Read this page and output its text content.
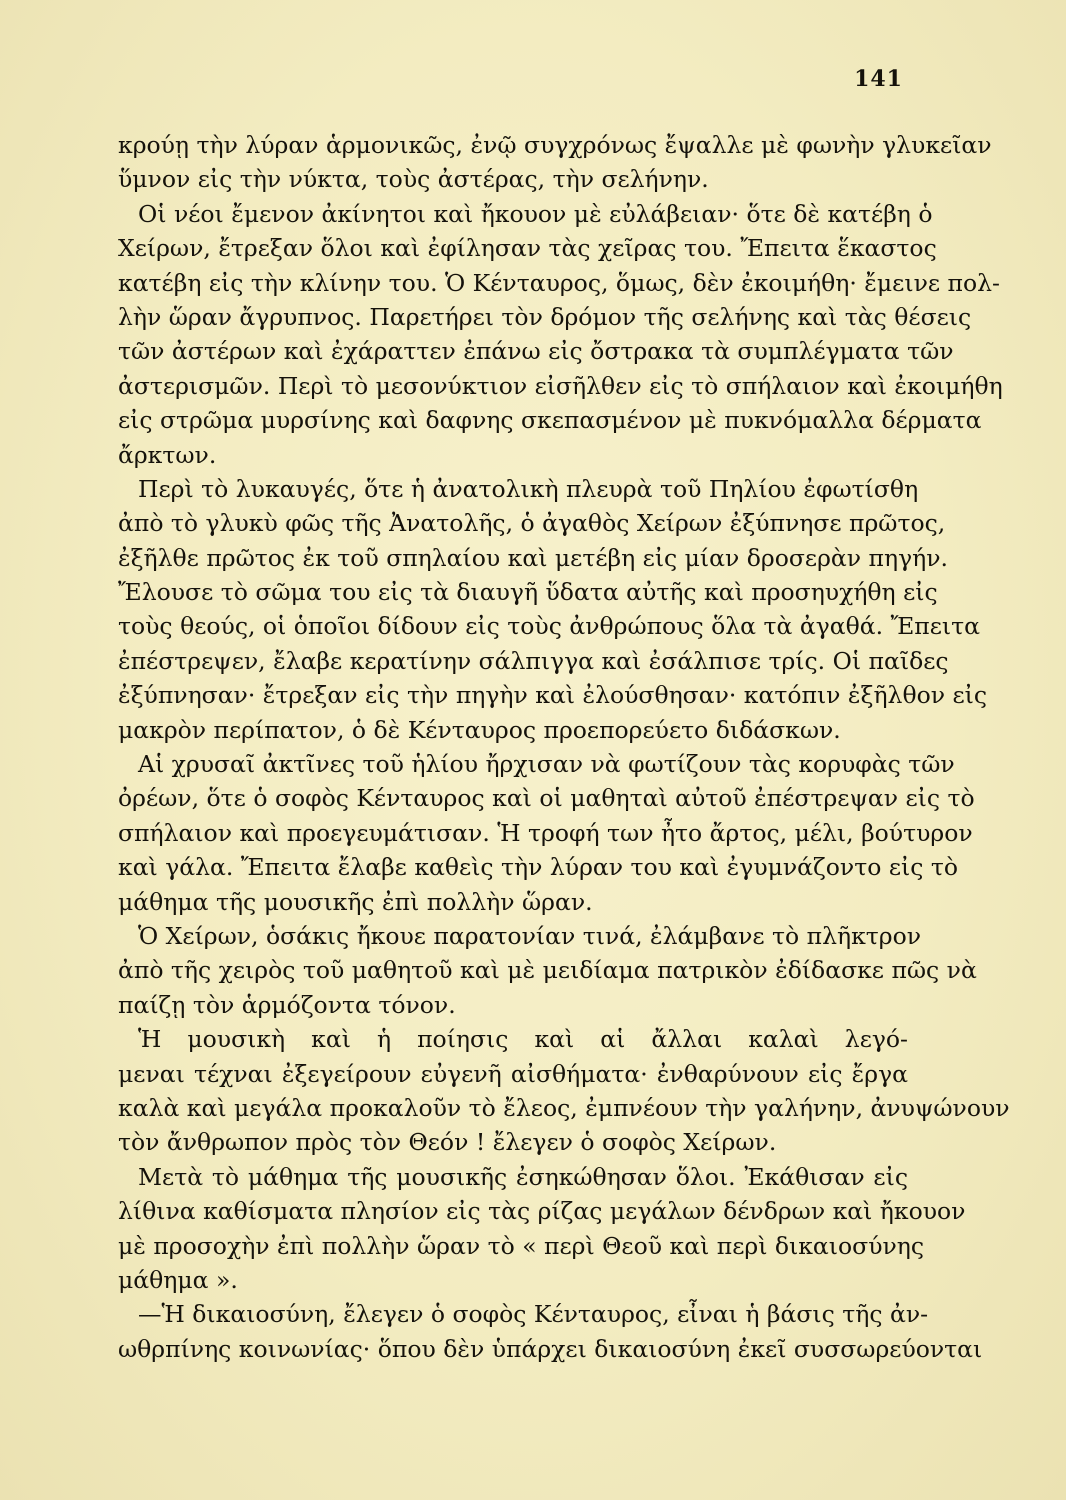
141
κρούῃ τὴν λύραν ἁρμονικῶς, ἐνῷ συγχρόνως ἔψαλλε μὲ φωνὴν γλυκεῖαν
ὕμνον εἰς τὴν νύκτα, τοὺς ἀστέρας, τὴν σελήνην.
Οἱ νέοι ἔμενον ἀκίνητοι καὶ ἤκουον μὲ εὐλάβειαν· ὅτε δὲ κατέβη ὁ
Χείρων, ἔτρεξαν ὅλοι καὶ ἐφίλησαν τὰς χεῖρας του. Ἔπειτα ἕκαστος
κατέβη εἰς τὴν κλίνην του. Ὁ Κένταυρος, ὅμως, δὲν ἐκοιμήθη· ἔμεινε πολ-
λὴν ὥραν ἄγρυπνος. Παρετήρει τὸν δρόμον τῆς σελήνης καὶ τὰς θέσεις
τῶν ἀστέρων καὶ ἐχάραττεν ἐπάνω εἰς ὄστρακα τὰ συμπλέγματα τῶν
ἀστερισμῶν. Περὶ τὸ μεσονύκτιον εἰσῆλθεν εἰς τὸ σπήλαιον καὶ ἐκοιμήθη
εἰς στρῶμα μυρσίνης καὶ δαφνης σκεπασμένον μὲ πυκνόμαλλα δέρματα
ἄρκτων.
Περὶ τὸ λυκαυγές, ὅτε ἡ ἀνατολικὴ πλευρὰ τοῦ Πηλίου ἐφωτίσθη
ἀπὸ τὸ γλυκὺ φῶς τῆς Ἀνατολῆς, ὁ ἀγαθὸς Χείρων ἐξύπνησε πρῶτος,
ἐξῆλθε πρῶτος ἐκ τοῦ σπηλαίου καὶ μετέβη εἰς μίαν δροσερὰν πηγήν.
Ἔλουσε τὸ σῶμα του εἰς τὰ διαυγῆ ὕδατα αὐτῆς καὶ προσηυχήθη εἰς
τοὺς θεούς, οἱ ὁποῖοι δίδουν εἰς τοὺς ἀνθρώπους ὅλα τὰ ἀγαθά. Ἔπειτα
ἐπέστρεψεν, ἔλαβε κερατίνην σάλπιγγα καὶ ἐσάλπισε τρίς. Οἱ παῖδες
ἐξύπνησαν· ἔτρεξαν εἰς τὴν πηγὴν καὶ ἐλούσθησαν· κατόπιν ἐξῆλθον εἰς
μακρὸν περίπατον, ὁ δὲ Κένταυρος προεπορεύετο διδάσκων.
Αἱ χρυσαῖ ἀκτῖνες τοῦ ἡλίου ἤρχισαν νὰ φωτίζουν τὰς κορυφὰς τῶν
ὀρέων, ὅτε ὁ σοφὸς Κένταυρος καὶ οἱ μαθηταὶ αὐτοῦ ἐπέστρεψαν εἰς τὸ
σπήλαιον καὶ προεγευμάτισαν. Ἡ τροφή των ἦτο ἄρτος, μέλι, βούτυρον
καὶ γάλα. Ἔπειτα ἔλαβε καθεὶς τὴν λύραν του καὶ ἐγυμνάζοντο εἰς τὸ
μάθημα τῆς μουσικῆς ἐπὶ πολλὴν ὥραν.
Ὁ Χείρων, ὁσάκις ἤκουε παρατονίαν τινά, ἐλάμβανε τὸ πλῆκτρον
ἀπὸ τῆς χειρὸς τοῦ μαθητοῦ καὶ μὲ μειδίαμα πατρικὸν ἐδίδασκε πῶς νὰ
παίζῃ τὸν ἁρμόζοντα τόνον.
Ἡ μουσικὴ καὶ ἡ ποίησις καὶ αἱ ἄλλαι καλαὶ λεγό-
μεναι τέχναι ἐξεγείρουν εὐγενῆ αἰσθήματα· ἐνθαρύνουν εἰς ἔργα
καλὰ καὶ μεγάλα προκαλοῦν τὸ ἔλεος, ἐμπνέουν τὴν γαλήνην, ἀνυψώνουν
τὸν ἄνθρωπον πρὸς τὸν Θεόν ! ἔλεγεν ὁ σοφὸς Χείρων.
Μετὰ τὸ μάθημα τῆς μουσικῆς ἐσηκώθησαν ὅλοι. Ἐκάθισαν εἰς
λίθινα καθίσματα πλησίον εἰς τὰς ρίζας μεγάλων δένδρων καὶ ἤκουον
μὲ προσοχὴν ἐπὶ πολλὴν ὥραν τὸ « περὶ Θεοῦ καὶ περὶ δικαιοσύνης
μάθημα ».
—Ἡ δικαιοσύνη, ἔλεγεν ὁ σοφὸς Κένταυρος, εἶναι ἡ βάσις τῆς ἀν-
ωθρπίνης κοινωνίας· ὅπου δὲν ὑπάρχει δικαιοσύνη ἐκεῖ συσσωρεύονται
